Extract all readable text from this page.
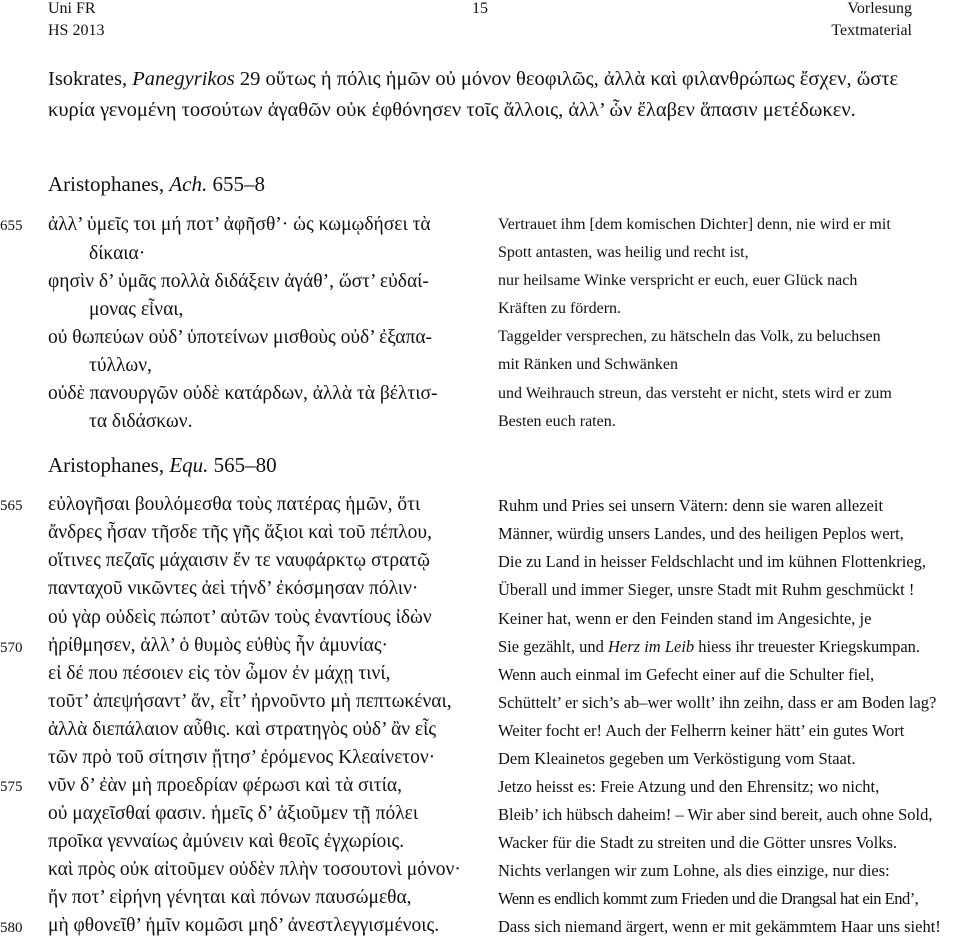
Uni FR
HS 2013
15	Vorlesung
Textmaterial
Isokrates, Panegyrikos 29 οὕτως ἡ πόλις ἡμῶν οὐ μόνον θεοφιλῶς, ἀλλὰ καὶ φιλανθρώπως ἔσχεν, ὥστε
κυρία γενομένη τοσούτων ἀγαθῶν οὐκ ἐφθόνησεν τοῖς ἄλλοις, ἀλλ’ ὧν ἔλαβεν ἅπασιν μετέδωκεν.
Aristophanes, Ach. 655–8
655 ἀλλ’ ὑμεῖς τοι μή ποτ’ ἀφῆσθ’· ὡς κωμῳδήσει τὰ
δίκαια·
φησὶν δ’ ὑμᾶς πολλὰ διδάξειν ἀγάθ’, ὥστ’ εὐδαί-
μονας εἶναι,
οὐ θωπεύων οὐδ’ ὑποτείνων μισθοὺς οὐδ’ ἐξαπα-
τύλλων,
οὐδὲ πανουργῶν οὐδὲ κατάρδων, ἀλλὰ τὰ βέλτισ-
τα διδάσκων.
Vertrauet ihm [dem komischen Dichter] denn, nie wird er mit
Spott antasten, was heilig und recht ist,
nur heilsame Winke verspricht er euch, euer Glück nach
Kräften zu fördern.
Taggelder versprechen, zu hätscheln das Volk, zu beluchsen
mit Ränken und Schwänken
und Weihrauch streun, das versteht er nicht, stets wird er zum
Besten euch raten.
Aristophanes, Equ. 565–80
565
570
575
580
εὐλογῆσαι βουλόμεσθα τοὺς πατέρας ἡμῶν, ὅτι
ἄνδρες ἦσαν τῆσδε τῆς γῆς ἄξιοι καὶ τοῦ πέπλου,
οἵτινες πεζαῖς μάχαισιν ἔν τε ναυφάρκτῳ στρατῷ
πανταχοῦ νικῶντες ἀεὶ τήνδ’ ἐκόσμησαν πόλιν·
οὐ γὰρ οὐδεὶς πώποτ’ αὐτῶν τοὺς ἐναντίους ἰδὼν
ἠρίθμησεν, ἀλλ’ ὁ θυμὸς εὐθὺς ἦν ἀμυνίας·
εἰ δέ που πέσοιεν εἰς τὸν ὦμον ἐν μάχῃ τινί,
τοῦτ’ ἀπεψήσαντ’ ἄν, εἶτ’ ἠρνοῦντο μὴ πεπτωκέναι,
ἀλλὰ διεπάλαιον αὖθις. καὶ στρατηγὸς οὐδ’ ἂν εἷς
τῶν πρὸ τοῦ σίτησιν ᾔτησ’ ἐρόμενος Κλεαίνετον·
νῦν δ’ ἐὰν μὴ προεδρίαν φέρωσι καὶ τὰ σιτία,
οὐ μαχεῖσθαί φασιν. ἡμεῖς δ’ ἀξιοῦμεν τῇ πόλει
προῖκα γενναίως ἀμύνειν καὶ θεοῖς ἐγχωρίοις.
καὶ πρὸς οὐκ αἰτοῦμεν οὐδὲν πλὴν τοσουτονὶ μόνον·
ἤν ποτ’ εἰρήνη γένηται καὶ πόνων παυσώμεθα,
μὴ φθονεῖθ’ ἡμῖν κομῶσι μηδ’ ἀνεστλεγγισμένοις.
Ruhm und Pries sei unsern Vätern: denn sie waren allezeit
Männer, würdig unsers Landes, und des heiligen Peplos wert,
Die zu Land in heisser Feldschlacht und im kühnen Flottenkrieg,
Überall und immer Sieger, unsre Stadt mit Ruhm geschmückt !
Keiner hat, wenn er den Feinden stand im Angesichte, je
Sie gezählt, und Herz im Leib hiess ihr treuester Kriegskumpan.
Wenn auch einmal im Gefecht einer auf die Schulter fiel,
Schüttelt’ er sich’s ab–wer wollt’ ihn zeihn, dass er am Boden lag?
Weiter focht er! Auch der Felherrn keiner hätt’ ein gutes Wort
Dem Kleainetos gegeben um Verköstigung vom Staat.
Jetzo heisst es: Freie Atzung und den Ehrensitz; wo nicht,
Bleib’ ich hübsch daheim! – Wir aber sind bereit, auch ohne Sold,
Wacker für die Stadt zu streiten und die Götter unsres Volks.
Nichts verlangen wir zum Lohne, als dies einzige, nur dies:
Wenn es endlich kommt zum Frieden und die Drangsal hat ein End’,
Dass sich niemand ärgert, wenn er mit gekämmtem Haar uns sieht!
